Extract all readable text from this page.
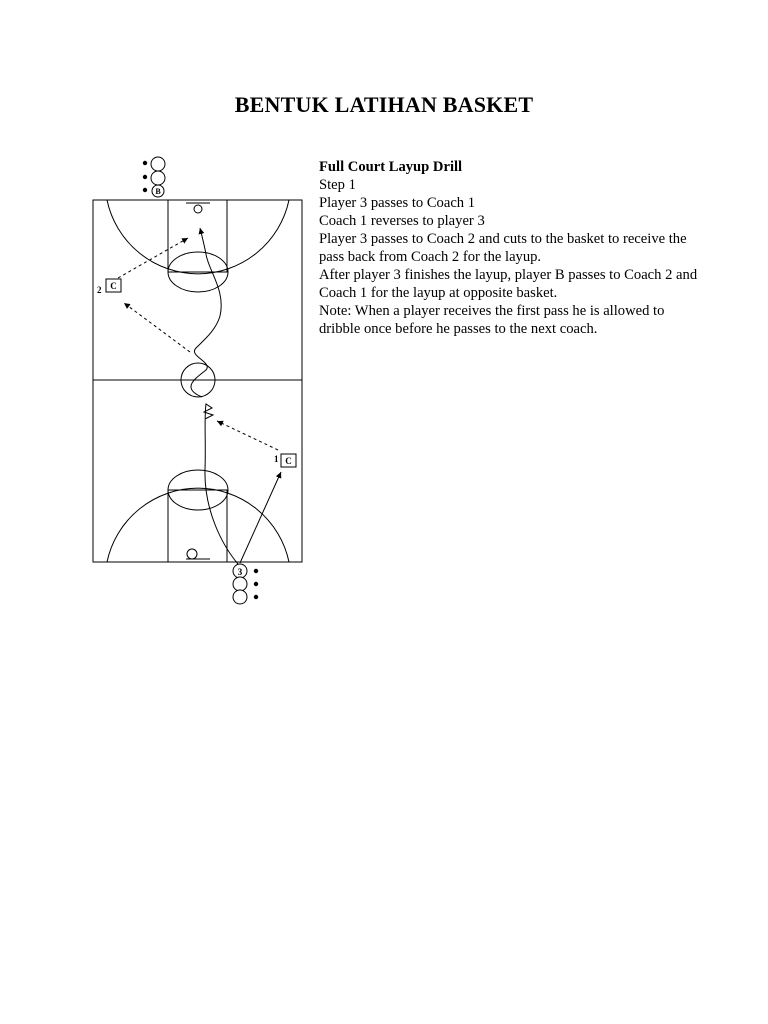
BENTUK LATIHAN BASKET
B
3
2 C
1 C
Full Court Layup Drill
Step 1
Player 3 passes to Coach 1
Coach 1 reverses to player 3
Player 3 passes to Coach 2 and cuts to the basket to receive the
pass back from Coach 2 for the layup.
After player 3 finishes the layup, player B passes to Coach 2 and
Coach 1 for the layup at opposite basket.
Note: When a player receives the first pass he is allowed to
dribble once before he passes to the next coach.
